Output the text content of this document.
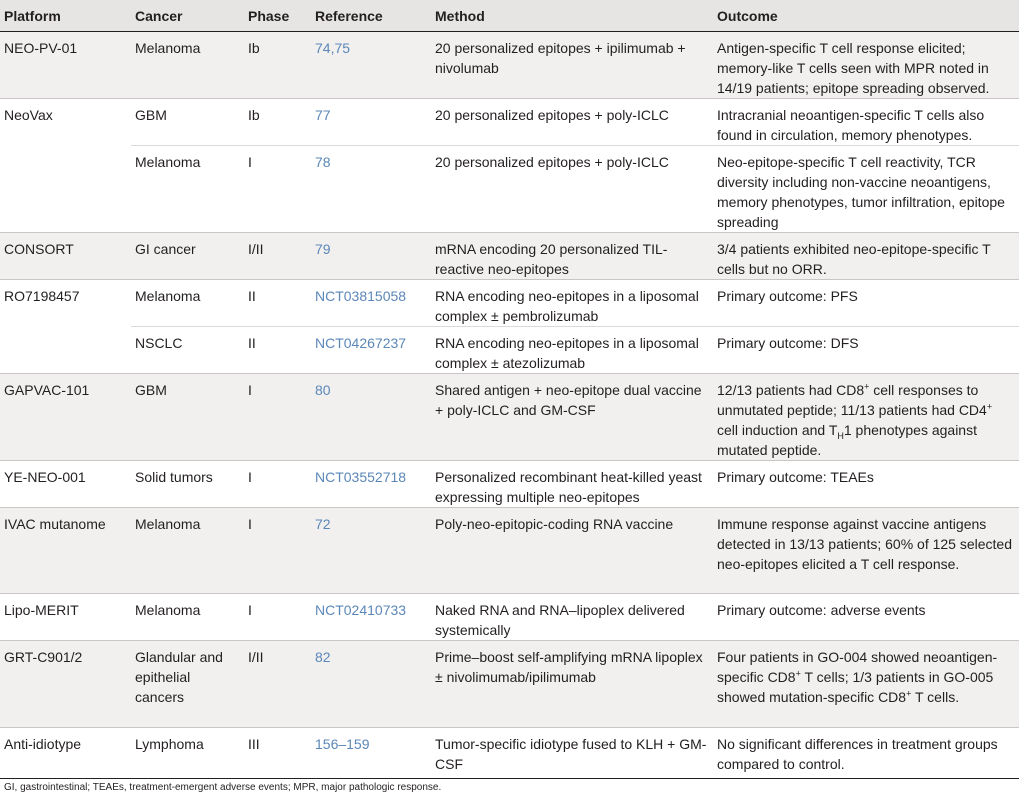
Platform	Cancer	Phase	Reference	Method	Outcome
NEO-PV-01	Melanoma	Ib	74,75	20 personalized epitopes + ipilimumab + nivolumab	Antigen-specific T cell response elicited; memory-like T cells seen with MPR noted in 14/19 patients; epitope spreading observed.
NeoVax	GBM	Ib	77	20 personalized epitopes + poly-ICLC	Intracranial neoantigen-specific T cells also found in circulation, memory phenotypes.
	Melanoma	I	78	20 personalized epitopes + poly-ICLC	Neo-epitope-specific T cell reactivity, TCR diversity including non-vaccine neoantigens, memory phenotypes, tumor infiltration, epitope spreading
CONSORT	GI cancer	I/II	79	mRNA encoding 20 personalized TIL-reactive neo-epitopes	3/4 patients exhibited neo-epitope-specific T cells but no ORR.
RO7198457	Melanoma	II	NCT03815058	RNA encoding neo-epitopes in a liposomal complex ± pembrolizumab	Primary outcome: PFS
	NSCLC	II	NCT04267237	RNA encoding neo-epitopes in a liposomal complex ± atezolizumab	Primary outcome: DFS
GAPVAC-101	GBM	I	80	Shared antigen + neo-epitope dual vaccine + poly-ICLC and GM-CSF	12/13 patients had CD8+ cell responses to unmutated peptide; 11/13 patients had CD4+ cell induction and $T_H1$ phenotypes against mutated peptide.
YE-NEO-001	Solid tumors	I	NCT03552718	Personalized recombinant heat-killed yeast expressing multiple neo-epitopes	Primary outcome: TEAEs
IVAC mutanome	Melanoma	I	72	Poly-neo-epitopic-coding RNA vaccine	Immune response against vaccine antigens detected in 13/13 patients; 60% of 125 selected neo-epitopes elicited a T cell response.
Lipo-MERIT	Melanoma	I	NCT02410733	Naked RNA and RNA–lipoplex delivered systemically	Primary outcome: adverse events
GRT-C901/2	Glandular and epithelial cancers	I/II	82	Prime–boost self-amplifying mRNA lipoplex ± nivolimumab/ipilimumab	Four patients in GO-004 showed neoantigen-specific CD8+ T cells; 1/3 patients in GO-005 showed mutation-specific CD8+ T cells.
Anti-idiotype	Lymphoma	III	156–159	Tumor-specific idiotype fused to KLH + GM-CSF	No significant differences in treatment groups compared to control.
GI, gastrointestinal; TEAEs, treatment-emergent adverse events; MPR, major pathologic response.
